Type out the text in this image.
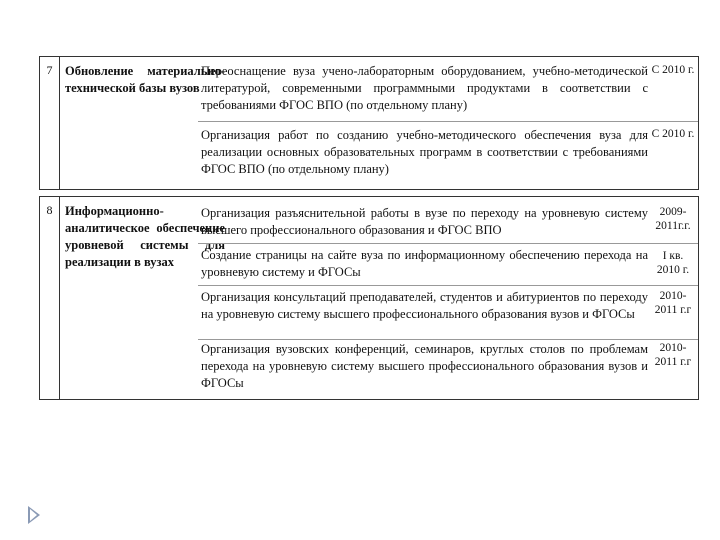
7	Обновление материально-технической базы вузов
Переоснащение вуза учено-лабораторным оборудованием, учебно-методической литературой, современными программными продуктами в соответствии с требованиями ФГОС ВПО (по отдельному плану)
С 2010 г.
Организация работ по созданию учебно-методического обеспечения вуза для реализации основных образовательных программ в соответствии с требованиями ФГОС ВПО (по отдельному плану)
С 2010 г.
8	Информационно-аналитическое обеспечение уровневой системы для реализации в вузах
Организация разъяснительной работы в вузе по переходу на уровневую систему высшего профессионального образования и ФГОС ВПО
2009-2011г.г.
Создание страницы на сайте вуза по информационному обеспечению перехода на уровневую систему и ФГОСы
I кв. 2010 г.
Организация консультаций преподавателей, студентов и абитуриентов по переходу на уровневую систему высшего профессионального образования вузов и ФГОСы
2010-2011 г.г
Организация вузовских конференций, семинаров, круглых столов по проблемам перехода на уровневую систему высшего профессионального образования вузов и ФГОСы
2010-2011 г.г
